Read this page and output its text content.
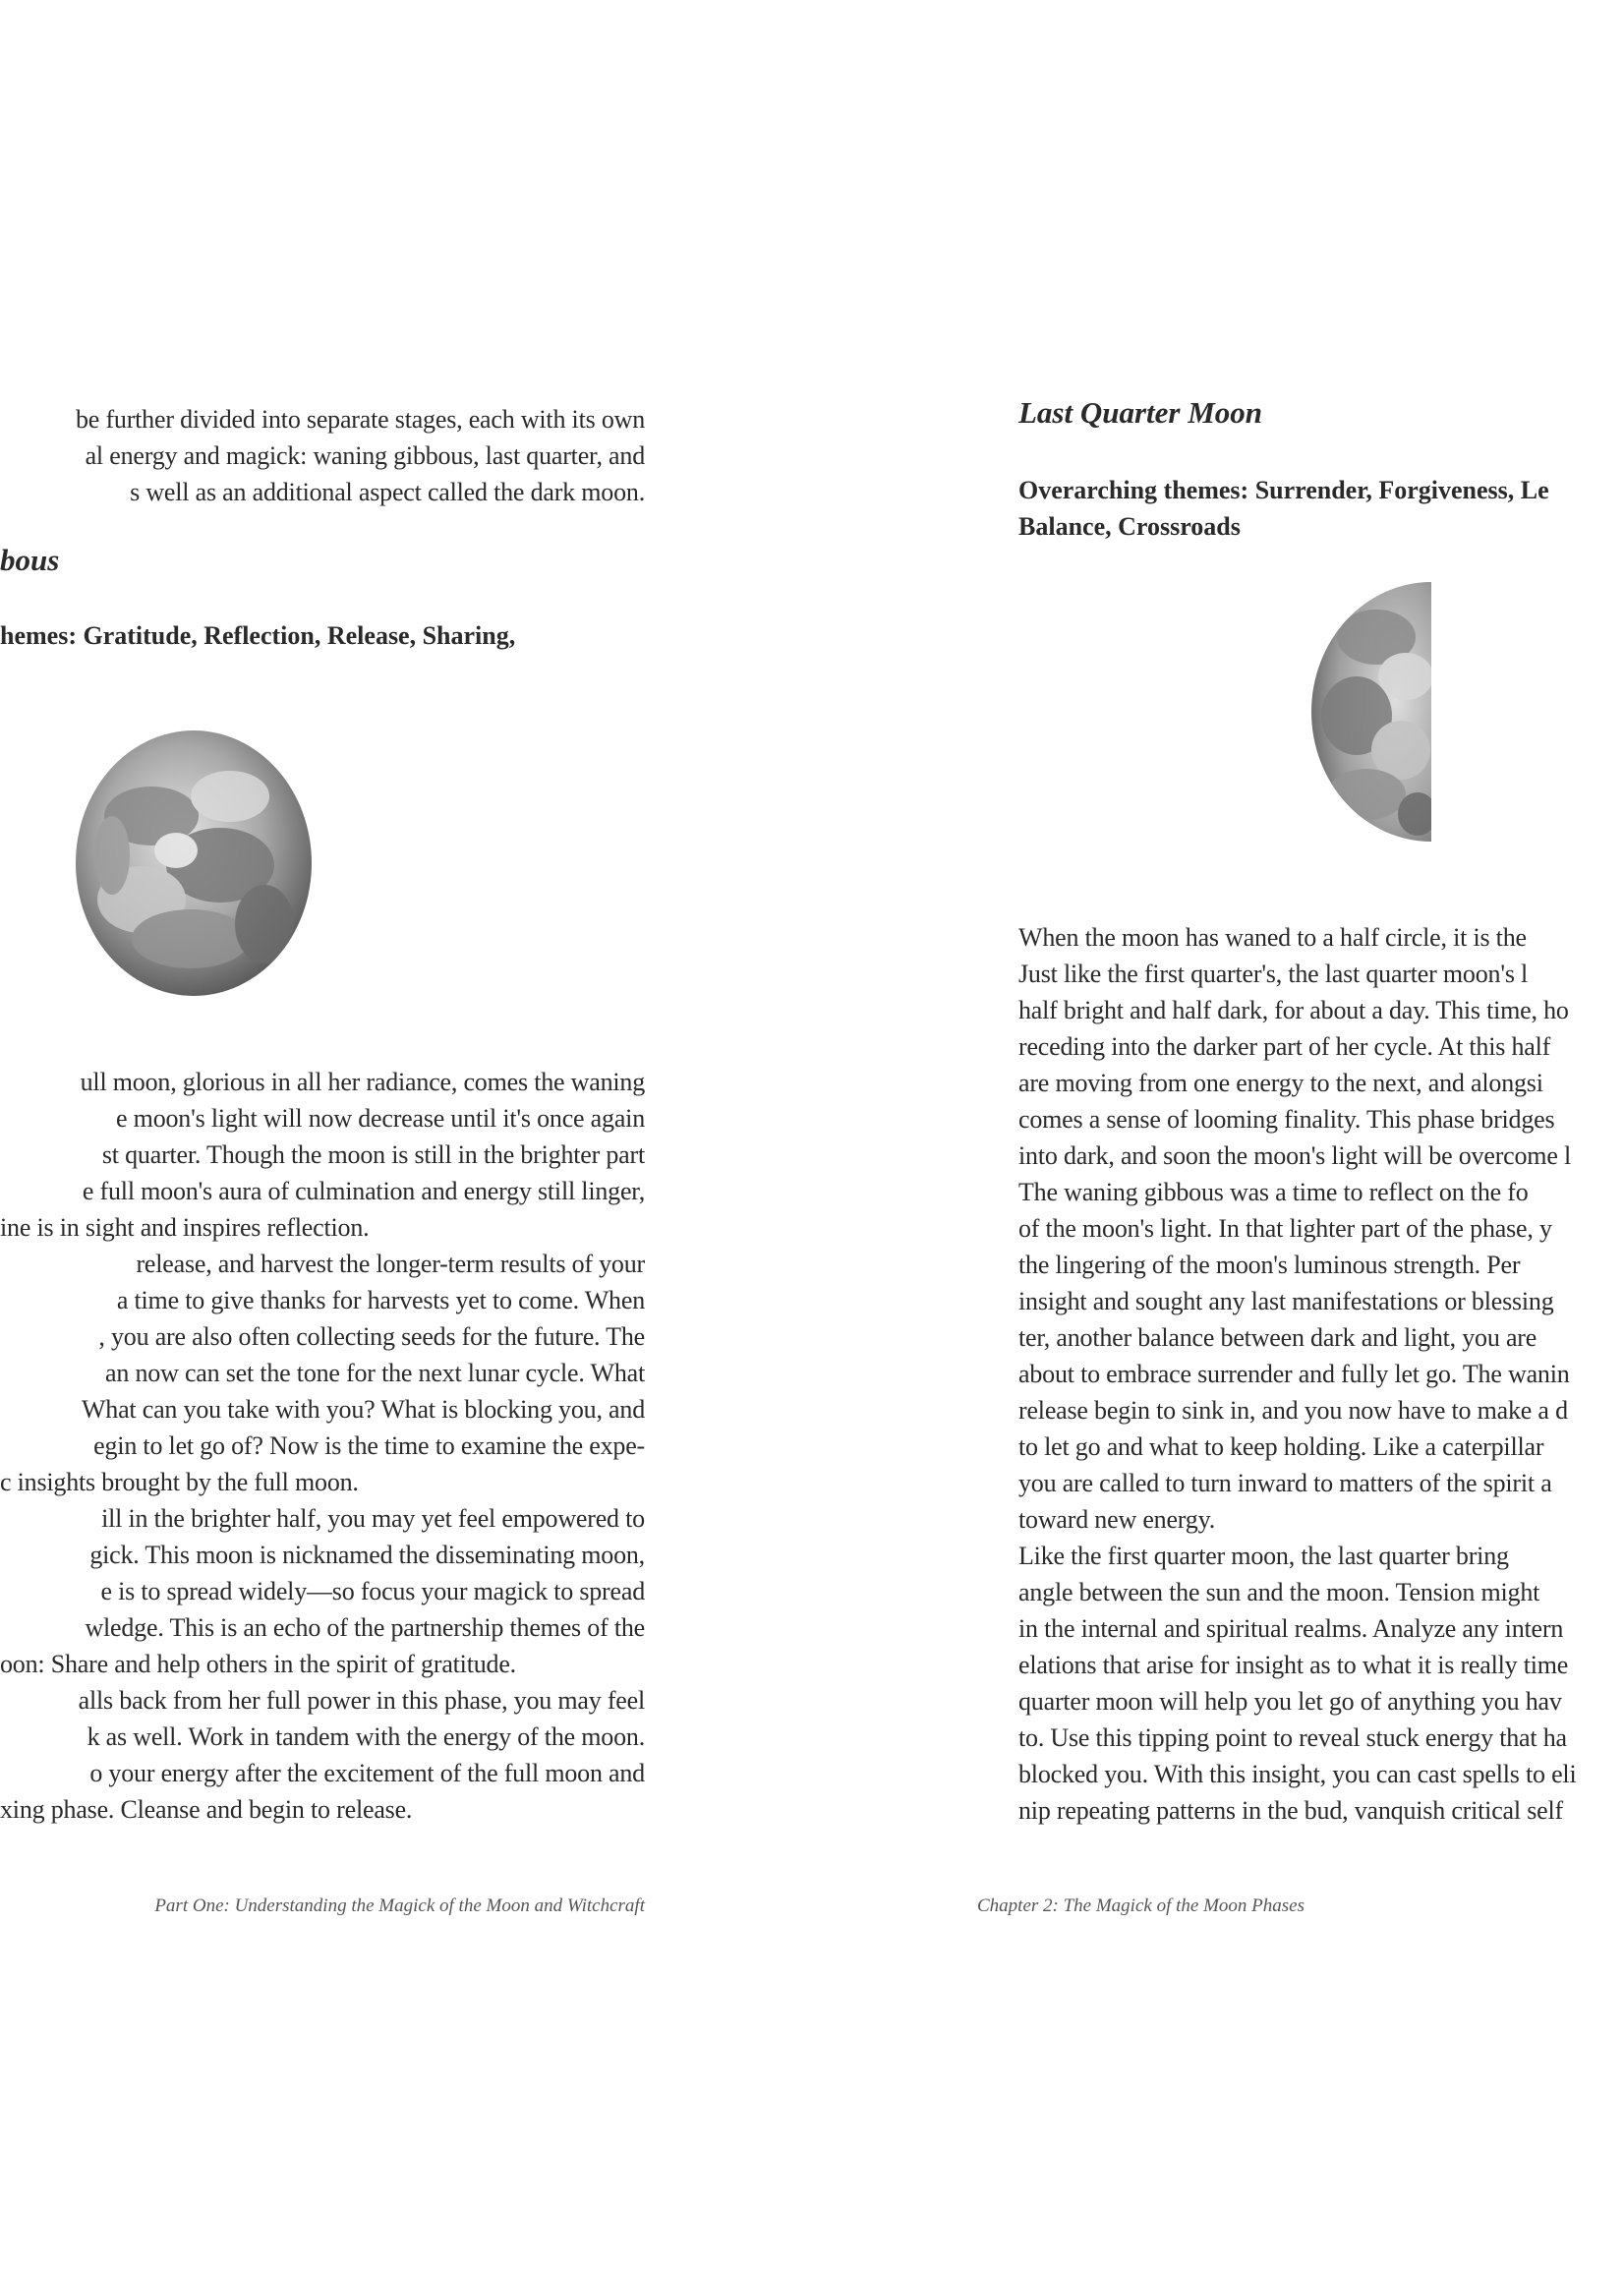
be further divided into separate stages, each with its own
al energy and magick: waning gibbous, last quarter, and
s well as an additional aspect called the dark moon.
bous
hemes: Gratitude, Reflection, Release, Sharing,
ull moon, glorious in all her radiance, comes the waning
e moon's light will now decrease until it's once again
st quarter. Though the moon is still in the brighter part
e full moon's aura of culmination and energy still linger,
ine is in sight and inspires reflection.
release, and harvest the longer-term results of your
a time to give thanks for harvests yet to come. When
, you are also often collecting seeds for the future. The
an now can set the tone for the next lunar cycle. What
What can you take with you? What is blocking you, and
egin to let go of? Now is the time to examine the expe-
c insights brought by the full moon.
ill in the brighter half, you may yet feel empowered to
gick. This moon is nicknamed the disseminating moon,
e is to spread widely—so focus your magick to spread
wledge. This is an echo of the partnership themes of the
oon: Share and help others in the spirit of gratitude.
alls back from her full power in this phase, you may feel
k as well. Work in tandem with the energy of the moon.
o your energy after the excitement of the full moon and
xing phase. Cleanse and begin to release.
Part One: Understanding the Magick of the Moon and Witchcraft
Last Quarter Moon
Overarching themes: Surrender, Forgiveness, Le
Balance, Crossroads
When the moon has waned to a half circle, it is the
Just like the first quarter's, the last quarter moon's l
half bright and half dark, for about a day. This time, ho
receding into the darker part of her cycle. At this half
are moving from one energy to the next, and alongsi
comes a sense of looming finality. This phase bridges
into dark, and soon the moon's light will be overcome l
The waning gibbous was a time to reflect on the fo
of the moon's light. In that lighter part of the phase, y
the lingering of the moon's luminous strength. Per
insight and sought any last manifestations or blessing
ter, another balance between dark and light, you are
about to embrace surrender and fully let go. The wanin
release begin to sink in, and you now have to make a d
to let go and what to keep holding. Like a caterpillar
you are called to turn inward to matters of the spirit a
toward new energy.
Like the first quarter moon, the last quarter bring
angle between the sun and the moon. Tension might
in the internal and spiritual realms. Analyze any intern
elations that arise for insight as to what it is really time
quarter moon will help you let go of anything you hav
to. Use this tipping point to reveal stuck energy that ha
blocked you. With this insight, you can cast spells to eli
nip repeating patterns in the bud, vanquish critical self
Chapter 2: The Magick of the Moon Phases
